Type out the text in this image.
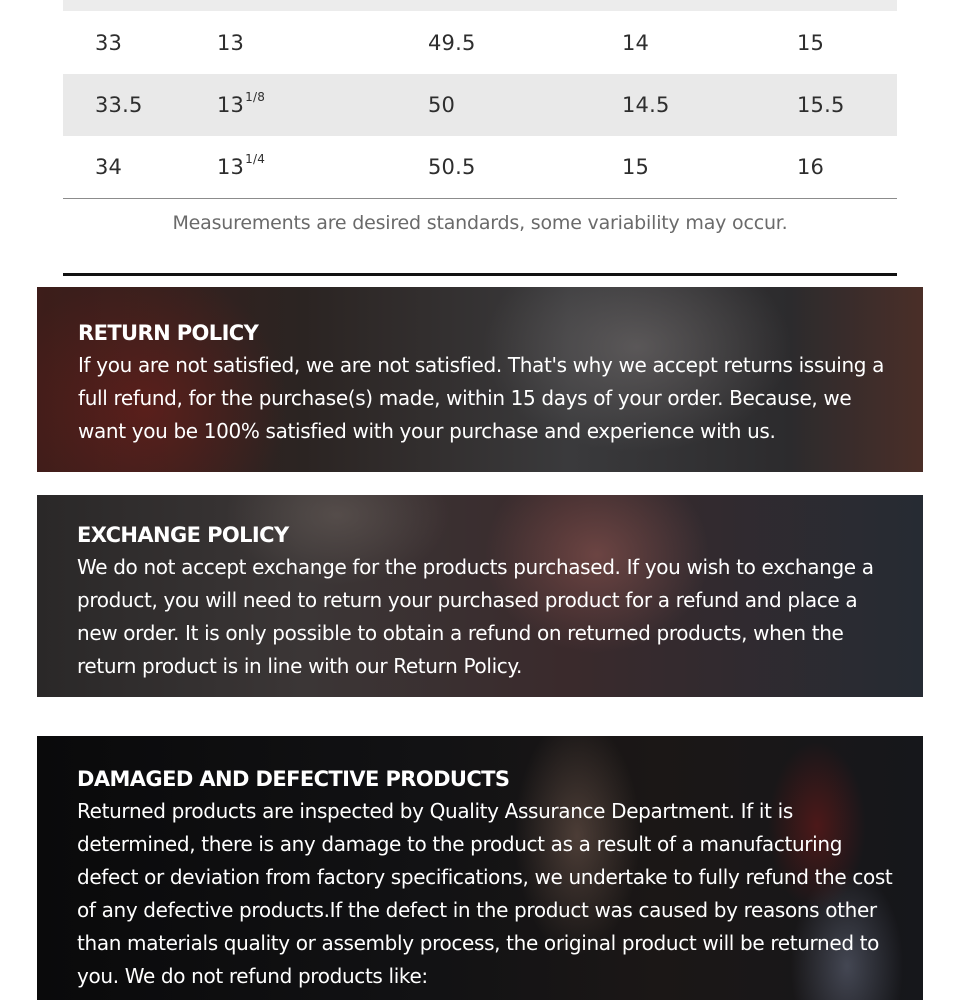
33	13	49.5	14	15
33.5	13 1/8	50	14.5	15.5
34	13 1/4	50.5	15	16
Measurements are desired standards, some variability may occur.
RETURN POLICY

If you are not satisfied, we are not satisfied. That's why we accept returns issuing a full refund, for the purchase(s) made, within 15 days of your order. Because, we want you be 100% satisfied with your purchase and experience with us.

EXCHANGE POLICY

We do not accept exchange for the products purchased. If you wish to exchange a product, you will need to return your purchased product for a refund and place a new order. It is only possible to obtain a refund on returned products, when the return product is in line with our Return Policy.

DAMAGED AND DEFECTIVE PRODUCTS

Returned products are inspected by Quality Assurance Department. If it is determined, there is any damage to the product as a result of a manufacturing defect or deviation from factory specifications, we undertake to fully refund the cost of any defective products.If the defect in the product was caused by reasons other than materials quality or assembly process, the original product will be returned to you. We do not refund products like:
